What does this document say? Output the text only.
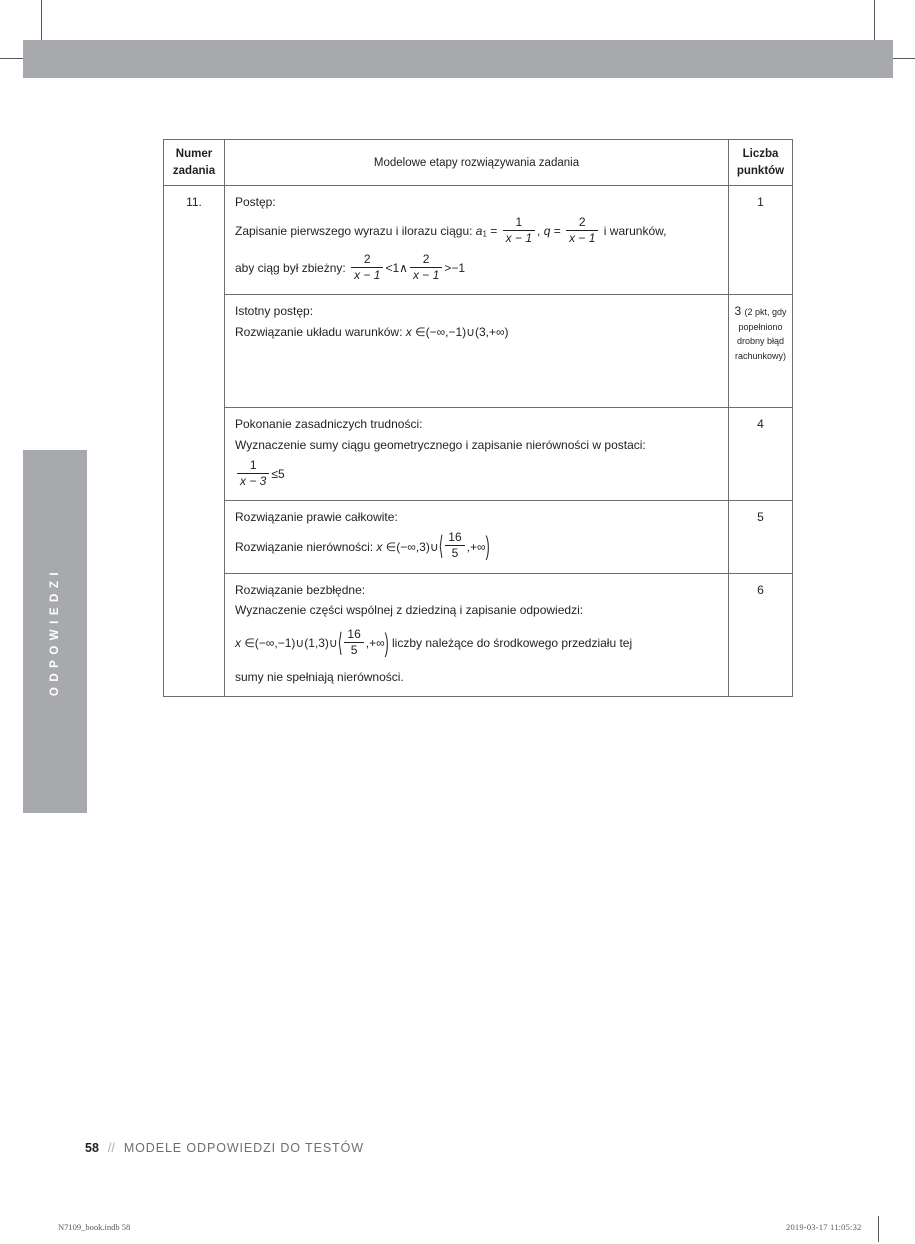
ODPOWIEDZI
Numer
zadania	Modelowe etapy rozwiązywania zadania	Liczba
punktów

11.	Postęp:
Zapisanie pierwszego wyrazu i ilorazu ciągu: $a1 = \frac{1}{x - 1}$ , $q = \frac{2}{x - 1}$ i warunków,
aby ciąg był zbieżny: $\frac{2}{x - 1}$ <1∧ $\frac{2}{x - 1} >-1$
	1

	Istotny postęp:
Rozwiązanie układu warunków: x ∈(−∞,−1)∪(3,+∞)	3 (2 pkt, gdy popełniono drobny błąd rachunkowy)

	Pokonanie zasadniczych trudności:
Wyznaczenie sumy ciągu geometrycznego i zapisanie nierówności w postaci:
$\frac{1}{x - 3} \le 5$	4

	Rozwiązanie prawie całkowite:
Rozwiązanie nierówności: x ∈(−∞,3)∪⟨ $\frac{16}{5}$ ,+∞)	5

Rozwiązanie bezbłędne:
Wyznaczenie części wspólnej z dziedziną i zapisanie odpowiedzi:
x ∈(−∞,−1)∪(1,3)∪⟨ $\frac{16}{5}$ ,+∞) liczby należące do środkowego przedziału tej
sumy nie spełniają nierówności.
	6
58 // MODELE ODPOWIEDZI DO TESTÓW
N7109_book.indb 58	2019-03-17 11:05:32
